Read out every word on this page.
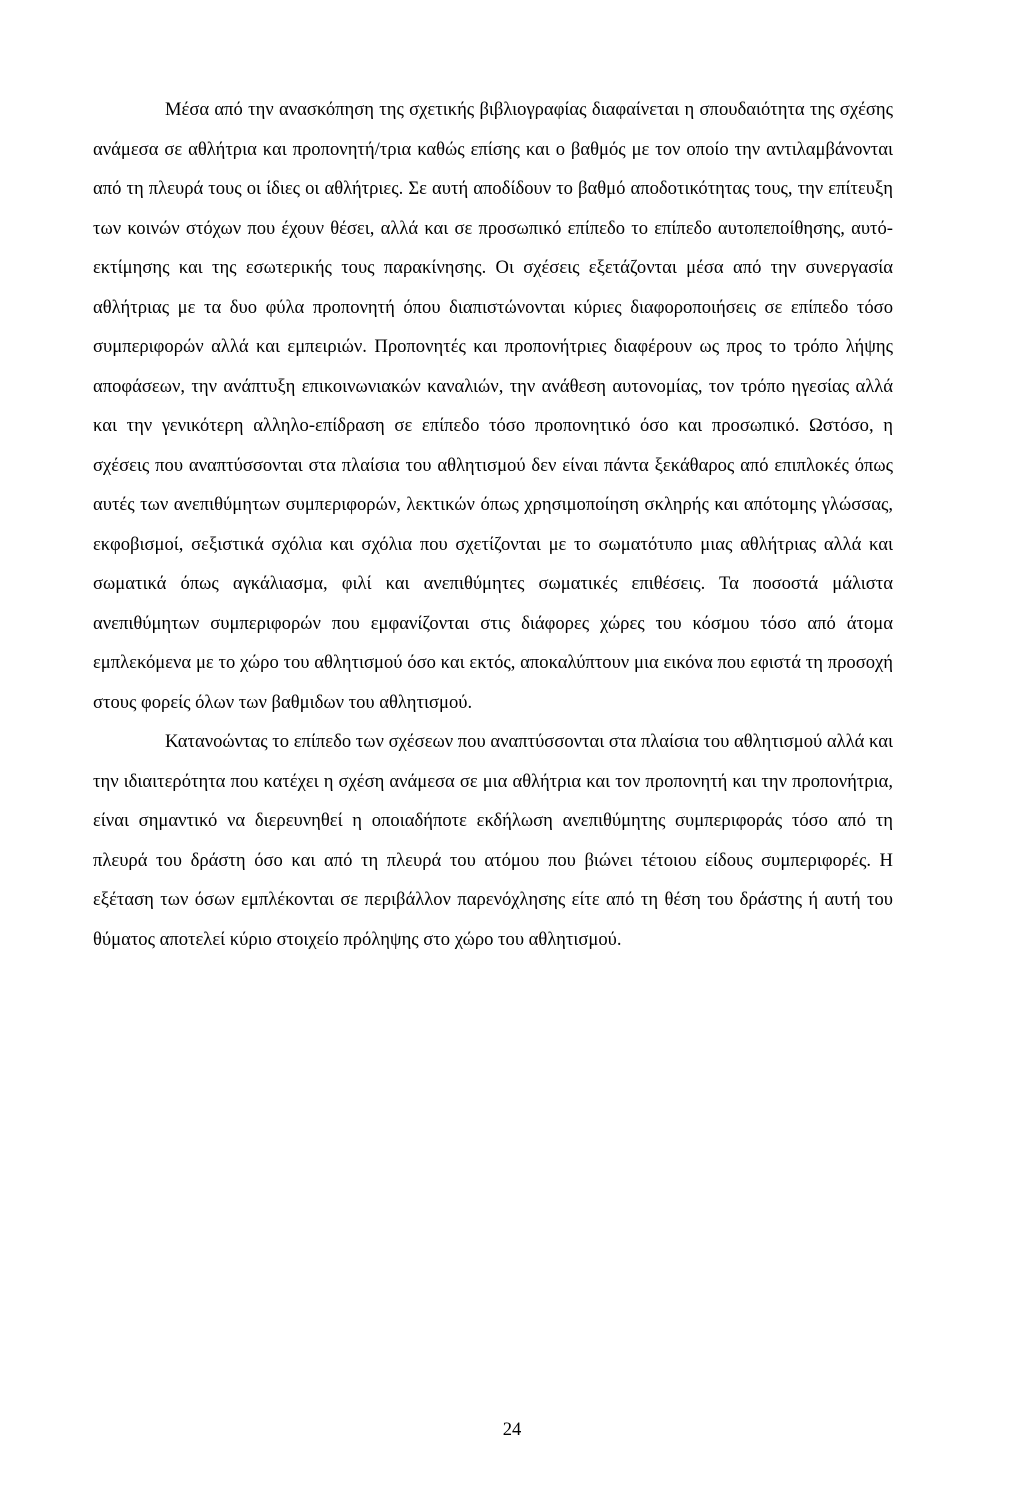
Μέσα από την ανασκόπηση της σχετικής βιβλιογραφίας διαφαίνεται η σπουδαιότητα της σχέσης ανάμεσα σε αθλήτρια και προπονητή/τρια καθώς επίσης και ο βαθμός με τον οποίο την αντιλαμβάνονται από τη πλευρά τους οι ίδιες οι αθλήτριες. Σε αυτή αποδίδουν το βαθμό αποδοτικότητας τους, την επίτευξη των κοινών στόχων που έχουν θέσει, αλλά και σε προσωπικό επίπεδο το επίπεδο αυτοπεποίθησης, αυτό-εκτίμησης και της εσωτερικής τους παρακίνησης. Οι σχέσεις εξετάζονται μέσα από την συνεργασία αθλήτριας με τα δυο φύλα προπονητή όπου διαπιστώνονται κύριες διαφοροποιήσεις σε επίπεδο τόσο συμπεριφορών αλλά και εμπειριών. Προπονητές και προπονήτριες διαφέρουν ως προς το τρόπο λήψης αποφάσεων, την ανάπτυξη επικοινωνιακών καναλιών, την ανάθεση αυτονομίας, τον τρόπο ηγεσίας αλλά και την γενικότερη αλληλο-επίδραση σε επίπεδο τόσο προπονητικό όσο και προσωπικό. Ωστόσο, η σχέσεις που αναπτύσσονται στα πλαίσια του αθλητισμού δεν είναι πάντα ξεκάθαρος από επιπλοκές όπως αυτές των ανεπιθύμητων συμπεριφορών, λεκτικών όπως χρησιμοποίηση σκληρής και απότομης γλώσσας, εκφοβισμοί, σεξιστικά σχόλια και σχόλια που σχετίζονται με το σωματότυπο μιας αθλήτριας αλλά και σωματικά όπως αγκάλιασμα, φιλί και ανεπιθύμητες σωματικές επιθέσεις. Τα ποσοστά μάλιστα ανεπιθύμητων συμπεριφορών που εμφανίζονται στις διάφορες χώρες του κόσμου τόσο από άτομα εμπλεκόμενα με το χώρο του αθλητισμού όσο και εκτός, αποκαλύπτουν μια εικόνα που εφιστά τη προσοχή στους φορείς όλων των βαθμιδων του αθλητισμού.

Κατανοώντας το επίπεδο των σχέσεων που αναπτύσσονται στα πλαίσια του αθλητισμού αλλά και την ιδιαιτερότητα που κατέχει η σχέση ανάμεσα σε μια αθλήτρια και τον προπονητή και την προπονήτρια, είναι σημαντικό να διερευνηθεί η οποιαδήποτε εκδήλωση ανεπιθύμητης συμπεριφοράς τόσο από τη πλευρά του δράστη όσο και από τη πλευρά του ατόμου που βιώνει τέτοιου είδους συμπεριφορές. Η εξέταση των όσων εμπλέκονται σε περιβάλλον παρενόχλησης είτε από τη θέση του δράστης ή αυτή του θύματος αποτελεί κύριο στοιχείο πρόληψης στο χώρο του αθλητισμού.

24
